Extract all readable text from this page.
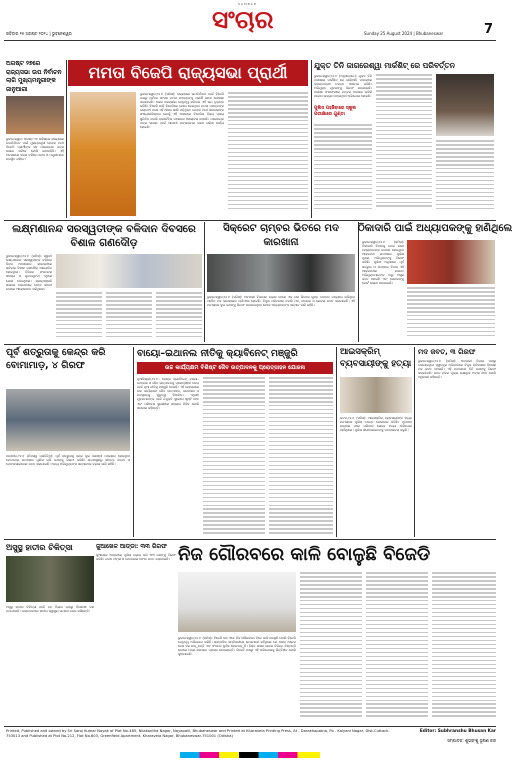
ରବିବାର ୨୫ ଅଗଷ୍ଟ ୨୦୨୪ | ଭୁବନେଶ୍ୱର
SAMBAD
ସଂଚାର	Sunday 25 August 2024 | Bhubaneswar	7
ଅଗଷ୍ଟ ୨୭ରେ ରାଜ୍ୟସଭା ଉପ ନିର୍ବାଚନ ଲାଗି ମୁଖ୍ୟମନ୍ତ୍ରୀଙ୍କ ଜାନୁଆରୀ
ଭୁବନେଶ୍ୱର: ଅଗଷ୍ଟ ୨୭ ତାରିଖରେ ରାଜ୍ୟସଭା ଉପନିର୍ବାଚନ ପାଇଁ ମୁଖ୍ୟମନ୍ତ୍ରୀ ମୋହନ ମାଝୀ ବିଜେପି ପ୍ରାର୍ଥୀଙ୍କ ସହ ମନୋନୟନ ପତ୍ର ଦାଖଲ କରିବେ ବୋଲି ଜଣାପଡ଼ିଛି। ଏହି ଅବସରରେ ଦଳର ବରିଷ୍ଠ ନେତା ଓ ମନ୍ତ୍ରୀମାନେ ଉପସ୍ଥିତ ରହିବେ।
ମମତା ବିଜେପି ରାଜ୍ୟସଭା ପ୍ରାର୍ଥୀ
ଭୁବନେଶ୍ୱର,୨୪।୮ (ସମିସ): ରାଜ୍ୟସଭା ଉପନିର୍ବାଚନ ପାଇଁ ବିଜେପି ପକ୍ଷରୁ ପୂର୍ବତନ ସାଂସଦ ମମତା ମହାନ୍ତଙ୍କୁ ପ୍ରାର୍ଥୀ ଭାବେ ଘୋଷଣା କରାଯାଇଛି। ଦଳର କେନ୍ଦ୍ରୀୟ ନେତୃତ୍ୱ ଶନିବାର ଏହି ନାମ ଚୂଡ଼ାନ୍ତ କରିଛି। ବିଜେଡି ଛାଡ଼ି ବିଜେପିରେ ଯୋଗ ଦେଇଥିବା ମମତା ମହାନ୍ତଙ୍କ ଇସ୍ତଫା ପରେ ଏହି ଆସନ ଖାଲି ପଡ଼ିଥିଲା। ମୋହନ ମାଝୀ ସରକାରଙ୍କ ସଂଖ୍ୟାଗରିଷ୍ଠତା ଯୋଗୁଁ ଏହି ଆସନରେ ବିଜେପିର ବିଜୟ ପ୍ରାୟ ସୁନିଶ୍ଚିତ ବୋଲି ରାଜନୈତିକ ମହଲରେ ଆଲୋଚନା ହେଉଛି। ମନୋନୟନ ପତ୍ର ଦାଖଲ ପାଇଁ ଆଗାମୀ ମଙ୍ଗଳବାର ଶେଷ ତାରିଖ ଧାର୍ଯ୍ୟ ହୋଇଛି।
ଯୁକ୍ତ ତିନି ଜାଗରେଶ୍ୱା ମାର୍କଶିଟ୍ ରେ ପରିବର୍ତ୍ତନ
ଭୁବନେଶ୍ୱର,୨୪।୮ (ଅନୁସନ୍ଧାନ): ଯୁକ୍ତ ତିନି ପରୀକ୍ଷାର ମାର୍କଶିଟ୍ ରେ ଜାଲିଆତି ମାମଲାରେ କ୍ରାଇମବ୍ରାଞ୍ଚ ତଦନ୍ତ ଆରମ୍ଭ କରିଛି। ଅଭିଯୁକ୍ତ ଯୁବକଙ୍କୁ ଗିରଫ କରାଯାଇଛି। ପରୀକ୍ଷା ଫଳାଫଳରେ ନମ୍ବର ବଦଳାଇ ଚାକିରି ପାଇବା ଉଦ୍ୟମ ହୋଇଥିବା ଅଭିଯୋଗ ହୋଇଛି।
ପୁଲିସ ପହଞ୍ଚିବାରେ ସ୍କୁଲ ପରୀକ୍ଷାରେ ଗୁଣ୍ଡା
ଲକ୍ଷ୍ମଣାନନ୍ଦ ସରସ୍ୱତୀଙ୍କ ବଳିଦାନ ଦିବସରେ ବିଶାଳ ଗଣଦୌଡ଼
ଭୁବନେଶ୍ୱର,୨୪।୮ (ସମିସ): ସ୍ୱାମୀ ଲକ୍ଷ୍ମଣାନନ୍ଦ ସରସ୍ୱତୀଙ୍କ ବଳିଦାନ ଦିବସ ଅବସରରେ ରାଜଧାନୀରେ ଶନିବାର ବିଶାଳ ଗଣଦୌଡ଼ ଆୟୋଜିତ ହୋଇଥିଲା। ବିଭିନ୍ନ ସଂଗଠନର ସଦସ୍ୟ ଓ ଯୁବକଯୁବତୀ ଏଥିରେ ଯୋଗ ଦେଇଥିଲେ। ଶ୍ରଦ୍ଧାଞ୍ଜଳି ସଭାରେ ବକ୍ତାମାନେ ତାଙ୍କ ଜୀବନୀ ଉପରେ ଆଲୋକପାତ କରିଥିଲେ।
ସିକ୍ରେଟ ଚାମ୍ବର ଭିତରେ ମଦ କାରଖାନା
ଭୁବନେଶ୍ୱର,୨୪।୮ (ସମିସ): ଅବକାରୀ ବିଭାଗର ଚଢ଼ାଉ ବେଳେ ଏକ ଘର ଭିତରେ ଗୁପ୍ତ ଚାମ୍ବର ମଧ୍ୟରେ ଚାଲିଥିବା ଅବୈଧ ମଦ କାରଖାନାର ପର୍ଦ୍ଦାଫାଶ ହୋଇଛି। ବିପୁଳ ପରିମାଣର ନକଲି ମଦ, ବୋତଲ ଓ ଲେବଲ ଜବତ କରାଯାଇଛି। ଏହି ମାମଲାରେ ଦୁଇ ଜଣଙ୍କୁ ଗିରଫ କରାଯାଇଥିବା ବେଳେ ଅନ୍ୟମାନଙ୍କ ସନ୍ଧାନ ଜାରି ରହିଛି।
ଠିକାଦାରି ପାଇଁ ଅଧ୍ୟାପକଙ୍କୁ ହାଣିଥିଲେ
ଭୁବନେଶ୍ୱର,୨୪।୮ (ସମିସ): ଠିକାଦାରି ବିବାଦକୁ ନେଇ ଜଣେ ଅଧ୍ୟାପକଙ୍କ ଉପରେ ହୋଇଥିବା ଆକ୍ରମଣ ଘଟଣାରେ ପୁଲିସ ମୁଖ୍ୟ ଅଭିଯୁକ୍ତଙ୍କୁ ଗିରଫ କରିଛି। ପୁଲିସ ଅନୁସାରେ ପୂର୍ବ ଶତ୍ରୁତା ଓ ଟେଣ୍ଡର ବିବାଦ ଏହି ଆକ୍ରମଣର କାରଣ। ଅଭିଯୁକ୍ତମାନଙ୍କ ଠାରୁ ଅସ୍ତ୍ର ଜବତ ହୋଇଛି ଏବଂ ସେମାନଙ୍କୁ କୋର୍ଟ ଚାଲାଣ କରାଯାଇଛି।
ପୂର୍ବ ଶତ୍ରୁତାକୁ କେନ୍ଦ୍ର କରି ବୋମାମାଡ଼, ୪ ଗିରଫ
ପାରାଦୀପ,୨୪।୮ (ନିଜସ୍ୱ ପ୍ରତିନିଧି): ପୂର୍ବ ଶତ୍ରୁତାକୁ ନେଇ ଦୁଇ ଗୋଷ୍ଠୀ ମଧ୍ୟରେ ହୋଇଥିବା ବୋମାମାଡ଼ ଘଟଣାରେ ପୁଲିସ ଚାରି ଜଣଙ୍କୁ ଗିରଫ କରିଛି। ଘଟଣାସ୍ଥଳରୁ ଜୀବନ୍ତ ବୋମା ଓ ମୋଟରସାଇକେଲ ଜବତ କରାଯାଇଛି। ଅନ୍ୟ ଅଭିଯୁକ୍ତଙ୍କ ସନ୍ଧାନରେ ଚଢ଼ାଉ ଜାରି ରହିଛି।
ବାୟୋ–ଇଥାନଲ ନୀତିକୁ କ୍ୟାବିନେଟ୍ ମଞ୍ଜୁରି
ଉଚ୍ଚ କାର୍ଯ୍ୟକ୍ଷମ ବିଶିଷ୍ଟ ଜୈବ ଉତ୍ପାଦନକୁ ପ୍ରୋତ୍ସାହନ ଯୋଜନା
ନୂଆଦିଲ୍ଲୀ,୨୪।୮: କେନ୍ଦ୍ର କ୍ୟାବିନେଟ୍ ବାୟୋ–ଇଥାନଲ ଓ ଜୈବ ଉତ୍ପାଦନକୁ ପ୍ରୋତ୍ସାହନ ଦେବା ପାଇଁ ନୂଆ ନୀତିକୁ ମଞ୍ଜୁରି ଦେଇଛି। ଏହି ଯୋଜନାରେ ଉଚ୍ଚ କାର୍ଯ୍ୟକ୍ଷମ ଜୈବ ଉତ୍ପାଦନ, ଗବେଷଣା ଓ ନବସୃଜନକୁ ଗୁରୁତ୍ୱ ଦିଆଯିବ। ଏଥିସହ ଯୁବକମାନଙ୍କ ପାଇଁ ନିଯୁକ୍ତି ସୁଯୋଗ ସୃଷ୍ଟି ହେବ ଏବଂ ପରିବେଶ ସୁରକ୍ଷାରେ ସହାୟତା ମିଳିବ ବୋଲି ସରକାର କହିଛନ୍ତି।
ଆଇସକ୍ରିମ୍ ବ୍ୟବସାୟୀଙ୍କୁ ହତ୍ୟା
କଟକ,୨୪।୮ (ସମିସ): ଆଇସକ୍ରିମ୍ ବ୍ୟବସାୟୀଙ୍କ ହତ୍ୟା ମାମଲାରେ ପୁଲିସ ତଦନ୍ତ ଜୋରଦାର କରିଛି। ମୃତଦେହ ଉଦ୍ଧାର ପରେ ପରିବାର ଲୋକେ ହତ୍ୟା ଅଭିଯୋଗ ଆଣିଥିଲେ। ପୁଲିସ ସନ୍ଦେହଭାଜନଙ୍କୁ ପଚରାଉଚରା କରୁଛି।
ମଦ ଜବତ, ୩ ଗିରଫ
ଭୁବନେଶ୍ୱର,୨୪।୮ (ସମିସ): ଅବକାରୀ ବିଭାଗ ପକ୍ଷରୁ ଚଳାଯାଇଥିବା ସ୍ୱତନ୍ତ୍ର ଅଭିଯାନରେ ବିପୁଳ ପରିମାଣର ବିଦେଶୀ ମଦ ଜବତ ହୋଇଛି। ଏହି ମାମଲାରେ ତିନି ଜଣଙ୍କୁ ଗିରଫ କରାଯାଇଛି। ଜବତ ମଦର ମୂଲ୍ୟ ଲକ୍ଷାଧିକ ଟଙ୍କା ହେବ ବୋଲି ଅଧିକାରୀ କହିଛନ୍ତି।
ଅସୁସ୍ଥ ହାତୀର ଚିକିତ୍ସା
ଅସୁସ୍ଥ ହାତୀର ଚିକିତ୍ସା ପାଇଁ ବନ ବିଭାଗ ପକ୍ଷରୁ ବିଶେଷଜ୍ଞ ଦଳ ପଠାଯାଇଛି। ଡାକ୍ତରମାନେ ହାତୀର ସ୍ୱାସ୍ଥ୍ୟ ଉପରେ ନଜର ରଖିଛନ୍ତି।
ଜୁଆଖେଳ ଆଡ୍ଡା: ୩୩ ଗିରଫ
ଜୁଆଖେଳ ଆଡ୍ଡାରେ ପୁଲିସ ଚଢ଼ାଉ କରି ୩୩ ଜଣଙ୍କୁ ଗିରଫ କରିଛି। ନଗଦ ଟଙ୍କା ଓ ମୋବାଇଲ ଫୋନ ଜବତ କରାଯାଇଛି। ନିଜ ଗୌରବରେ କାଳି ବୋଳୁଛି ବିଜେଡି
ଭୁବନେଶ୍ୱର,୨୪।୮ (ସମିସ): ବିଜେଡି ଦଳ ଏବେ ନିଜ ଗୌରବରେ ନିଜେ କାଳି ବୋଳୁଛି ବୋଲି ବିଜେପି ନେତୃତ୍ୱ ଅଭିଯୋଗ କରିଛି। ସାମ୍ବାଦିକ ସମ୍ମିଳନୀରେ ନେତାମାନେ କହିଥିଲେ ଯେ ଦଳର ଅନେକ ନେତା ଦଳ ଛାଡ଼ୁଛନ୍ତି ଏବଂ ସଂଗଠନ ଦୁର୍ବଳ ହୋଇପଡ଼ୁଛି। ବିଗତ ଶାସନ କାଳର ବିଭିନ୍ନ ନିଷ୍ପତ୍ତି ଉପରେ ମଧ୍ୟ ସେମାନେ ପ୍ରଶ୍ନ ଉଠାଇଛନ୍ତି। ବିଜେଡି ପକ୍ଷରୁ ଏହି ଅଭିଯୋଗକୁ ଭିତ୍ତିହୀନ ବୋଲି କୁହାଯାଇଛି।
Printed, Published and owned by Sri Saroj Kumar Nayak of Plot No-465, Nilakantha Nagar, Nayapalli, Bhubaneswar and Printed at Kharavela Printing Press, At - Darakhapatna, Po - Kalyani Nagar, Dist-Cuttack-753013 and Published at Plot No.212, Flat No.603, Greenfield Apartment, Kharavela Nagar, Bhubaneswar-751001 (Odisha)
Editor: Subhranshu Bhusan Kar
ସମ୍ପାଦକ: ଶୁଭ୍ରାଂଶୁ ଭୂଷଣ କର
